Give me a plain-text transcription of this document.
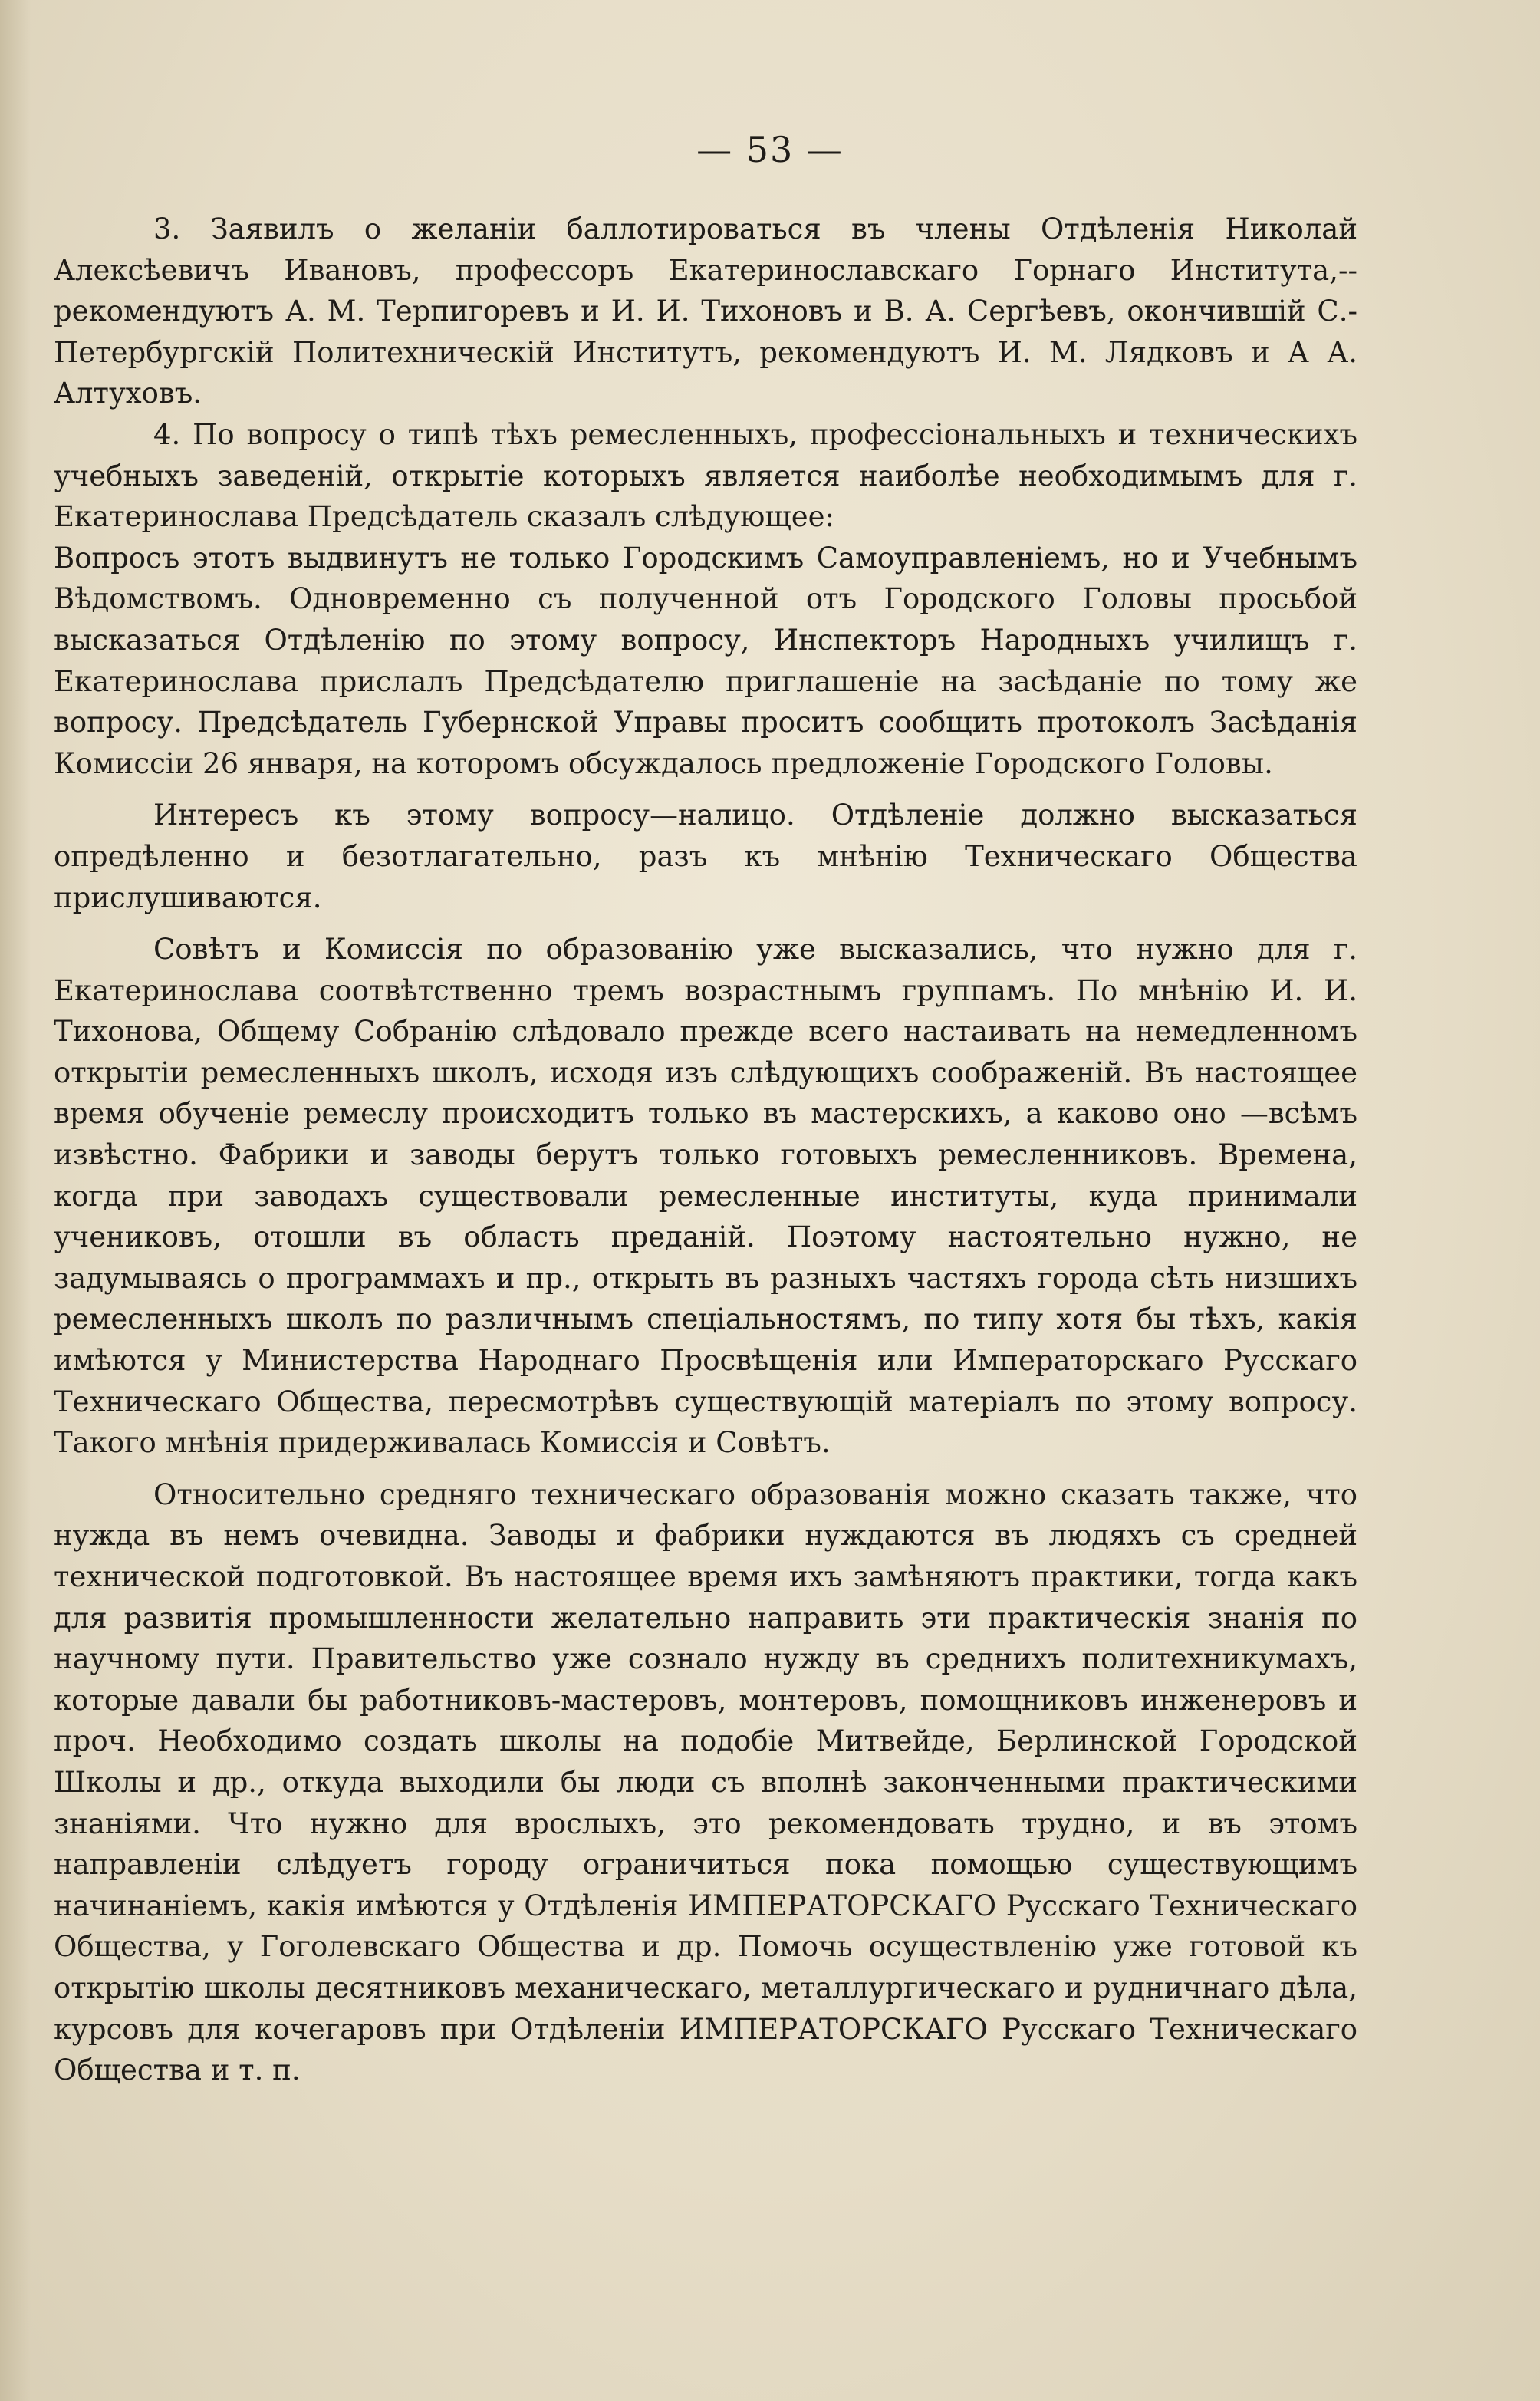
— 53 —

3. Заявилъ о желаніи баллотироваться въ члены Отдѣленія Николай Алексѣевичъ Ивановъ, профессоръ Екатеринославскаго Горнаго Института,--рекомендуютъ А. М. Терпигоревъ и И. И. Тихоновъ и В. А. Сергѣевъ, окончившій С.-Петербургскій Политехническій Институтъ, рекомендуютъ И. М. Лядковъ и А А. Алтуховъ.

4. По вопросу о типѣ тѣхъ ремесленныхъ, профессіональныхъ и техническихъ учебныхъ заведеній, открытіе которыхъ является наиболѣе необходимымъ для г. Екатеринослава Предсѣдатель сказалъ слѣдующее:

Вопросъ этотъ выдвинутъ не только Городскимъ Самоуправленіемъ, но и Учебнымъ Вѣдомствомъ. Одновременно съ полученной отъ Городского Головы просьбой высказаться Отдѣленію по этому вопросу, Инспекторъ Народныхъ училищъ г. Екатеринослава прислалъ Предсѣдателю приглашеніе на засѣданіе по тому же вопросу. Предсѣдатель Губернской Управы проситъ сообщить протоколъ Засѣданія Комиссіи 26 января, на которомъ обсуждалось предложеніе Городского Головы.

Интересъ къ этому вопросу—налицо. Отдѣленіе должно высказаться опредѣленно и безотлагательно, разъ къ мнѣнію Техническаго Общества прислушиваются.

Совѣтъ и Комиссія по образованію уже высказались, что нужно для г. Екатеринослава соотвѣтственно тремъ возрастнымъ группамъ. По мнѣнію И. И. Тихонова, Общему Собранію слѣдовало прежде всего настаивать на немедленномъ открытіи ремесленныхъ школъ, исходя изъ слѣдующихъ соображеній. Въ настоящее время обученіе ремеслу происходитъ только въ мастерскихъ, а каково оно —всѣмъ извѣстно. Фабрики и заводы берутъ только готовыхъ ремесленниковъ. Времена, когда при заводахъ существовали ремесленные институты, куда принимали учениковъ, отошли въ область преданій. Поэтому настоятельно нужно, не задумываясь о программахъ и пр., открыть въ разныхъ частяхъ города сѣть низшихъ ремесленныхъ школъ по различнымъ спеціальностямъ, по типу хотя бы тѣхъ, какія имѣются у Министерства Народнаго Просвѣщенія или Императорскаго Русскаго Техническаго Общества, пересмотрѣвъ существующій матеріалъ по этому вопросу. Такого мнѣнія придерживалась Комиссія и Совѣтъ.

Относительно средняго техническаго образованія можно сказать также, что нужда въ немъ очевидна. Заводы и фабрики нуждаются въ людяхъ съ средней технической подготовкой. Въ настоящее время ихъ замѣняютъ практики, тогда какъ для развитія промышленности желательно направить эти практическія знанія по научному пути. Правительство уже сознало нужду въ среднихъ политехникумахъ, которые давали бы работниковъ-мастеровъ, монтеровъ, помощниковъ инженеровъ и проч. Необходимо создать школы на подобіе Митвейде, Берлинской Городской Школы и др., откуда выходили бы люди съ вполнѣ законченными практическими знаніями. Что нужно для вроcлыхъ, это рекомендовать трудно, и въ этомъ направленіи слѣдуетъ городу ограничиться пока помощью существующимъ начинаніемъ, какія имѣются у Отдѣленія ИМПЕРАТОРСКАГО Русскаго Техническаго Общества, у Гоголевскаго Общества и др. Помочь осуществленію уже готовой къ открытію школы десятниковъ механическаго, металлургическаго и рудничнаго дѣла, курсовъ для кочегаровъ при Отдѣленіи ИМПЕРАТОРСКАГО Русскаго Техническаго Общества и т. п.
